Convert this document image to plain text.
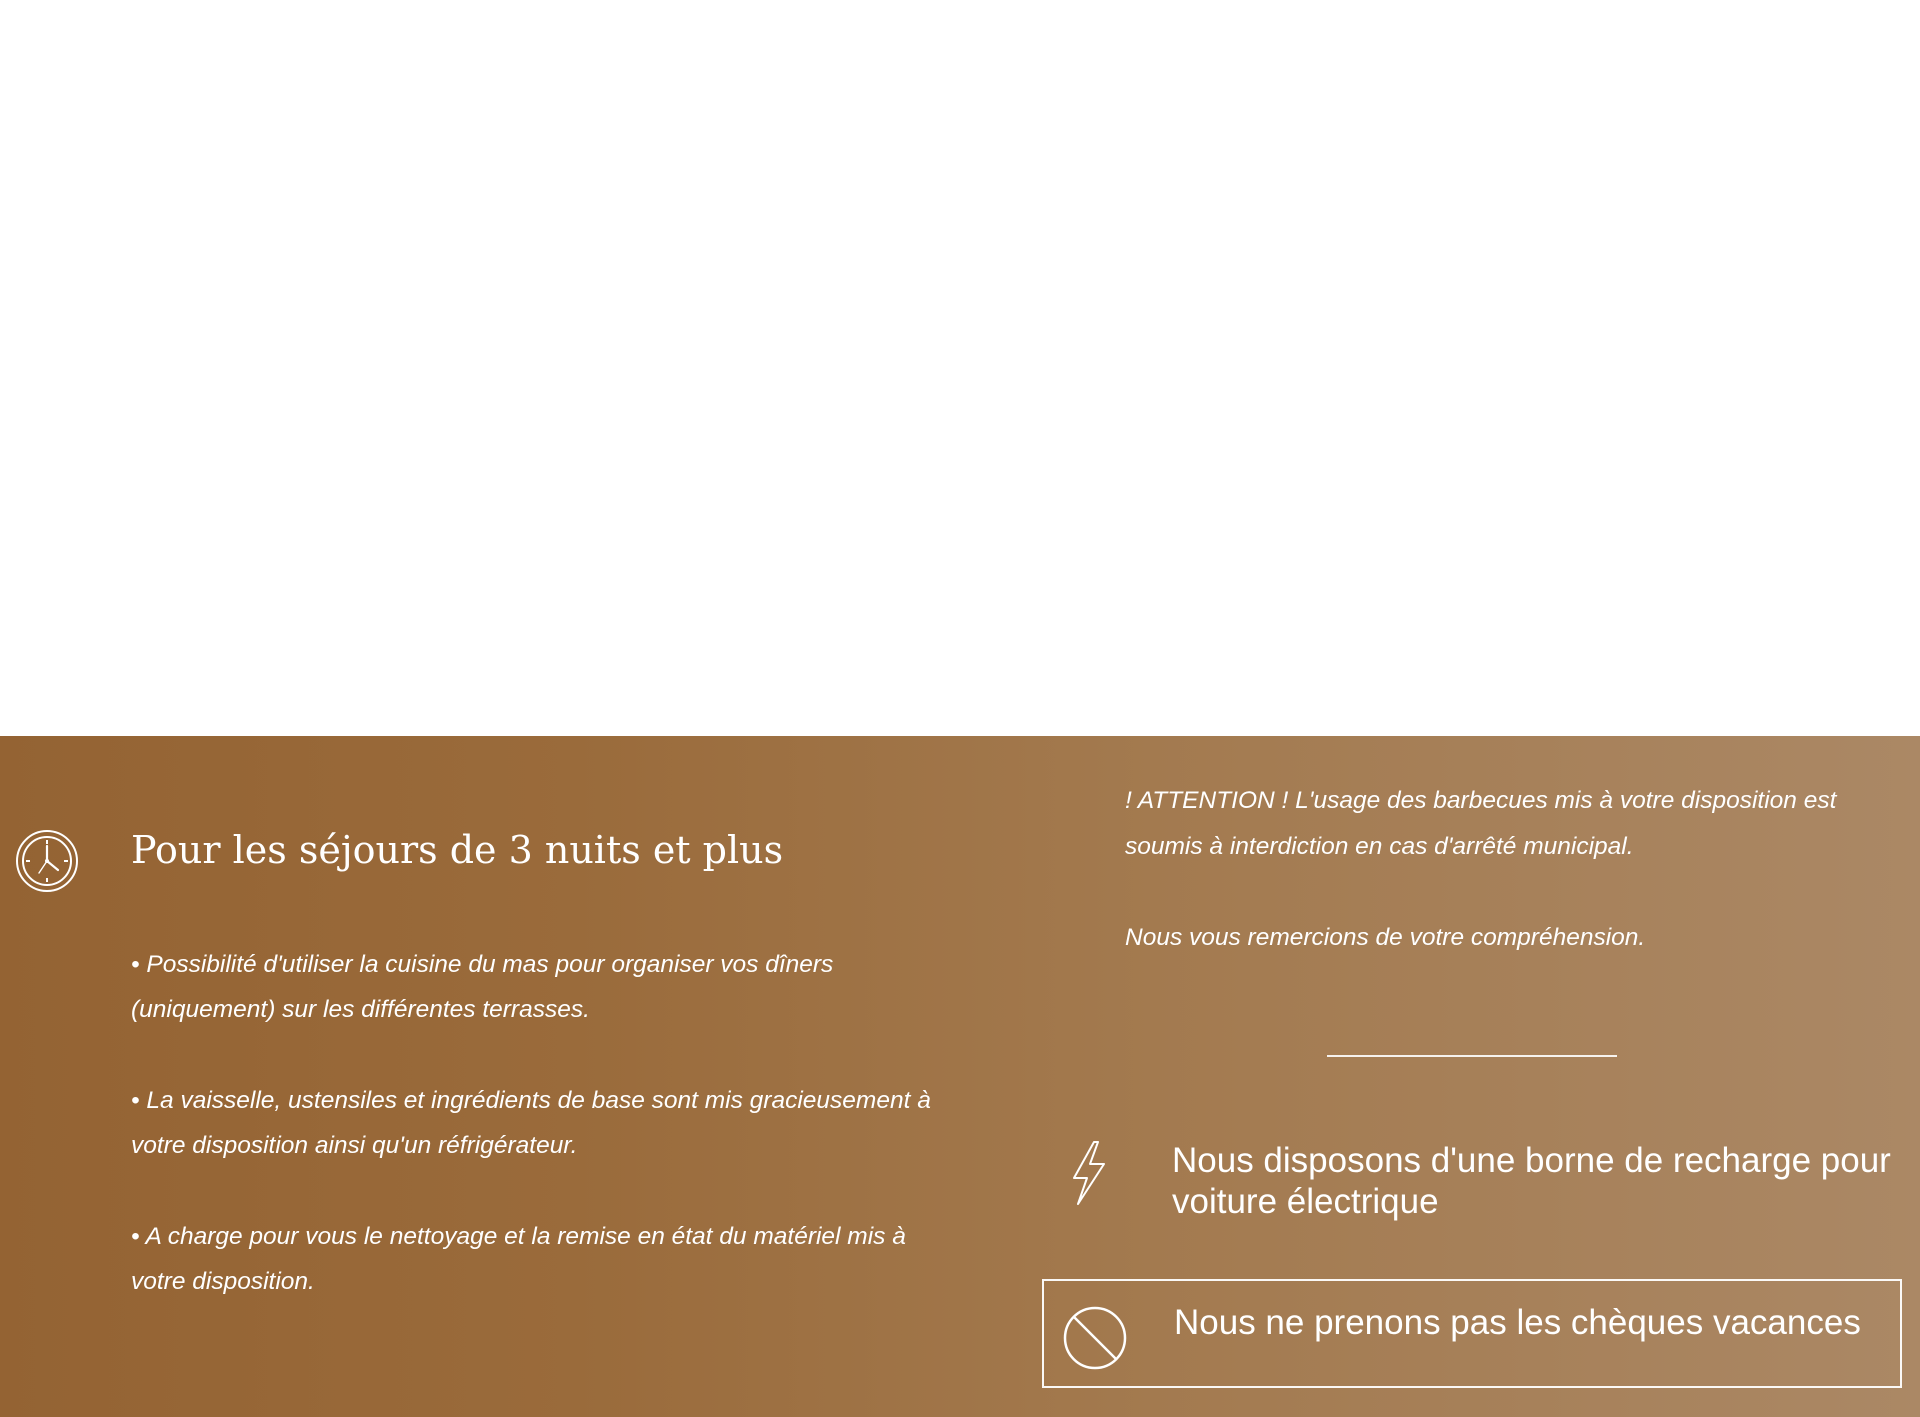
Pour les séjours de 3 nuits et plus

• Possibilité d'utiliser la cuisine du mas pour organiser vos dîners (uniquement) sur les différentes terrasses.

• La vaisselle, ustensiles et ingrédients de base sont mis gracieusement à votre disposition ainsi qu'un réfrigérateur.

• A charge pour vous le nettoyage et la remise en état du matériel mis à votre disposition.

! ATTENTION ! L'usage des barbecues mis à votre disposition est soumis à interdiction en cas d'arrêté municipal.

Nous vous remercions de votre compréhension.

Nous disposons d'une borne de recharge pour voiture électrique

Nous ne prenons pas les chèques vacances
